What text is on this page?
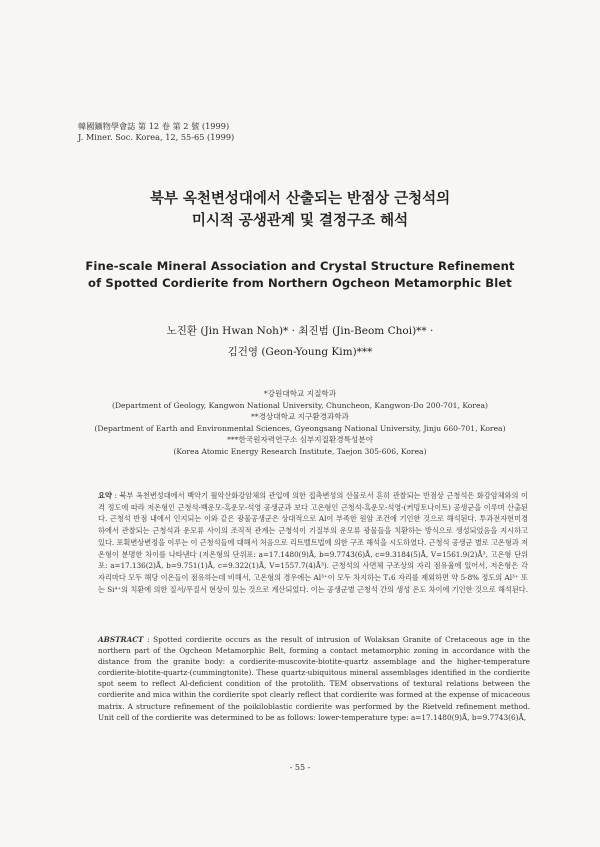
韓國鑛物學會誌 第 12 卷 第 2 號 (1999)

J. Miner. Soc. Korea, 12, 55-65 (1999)

북부 옥천변성대에서 산출되는 반점상 근청석의

미시적 공생관계 및 결정구조 해석

Fine-scale Mineral Association and Crystal Structure Refinement

of Spotted Cordierite from Northern Ogcheon Metamorphic Blet

노진환 (Jin Hwan Noh)* · 최진범 (Jin-Beom Choi)** ·

김건영 (Geon-Young Kim)***

*강원대학교 지질학과

(Department of Geology, Kangwon National University, Chuncheon, Kangwon-Do 200-701, Korea)

**경상대학교 지구환경과학과

(Department of Earth and Environmental Sciences, Gyeongsang National University, Jinju 660-701, Korea)

***한국원자력연구소 심부지질환경특성분야

(Korea Atomic Energy Research Institute, Taejon 305-606, Korea)

요약 : 북부 옥천변성대에서 백악기 월악산화강암체의 관입에 의한 접촉변성의 산물로서 흔히 관찰되는 반점상 근청석은 화강암체와의 이격 정도에 따라 저온형인 근청석-백운모-흑운모-석영 공생군과 보다 고온형인 근청석-흑운모-석영-(커밍토나이트) 공생군을 이루며 산출된다. 근청석 반점 내에서 인지되는 이와 같은 광물공생군은 상대적으로 Al이 부족한 원암 조건에 기인한 것으로 해석된다. 투과전자현미경 하에서 관찰되는 근청석과 운모류 사이의 조직적 관계는 근청석이 기질부의 운모류 광물들을 치환하는 방식으로 생성되었음을 지시하고 있다. 포획변상변정을 이루는 이 근청석들에 대해서 처음으로 리트벨트법에 의한 구조 해석을 시도하였다. 근청석 공생군 별로 고온형과 저온형이 분명한 차이를 나타낸다 (저온형의 단위포: a=17.1480(9)Å, b=9.7743(6)Å, c=9.3184(5)Å, V=1561.9(2)Å³, 고온형 단위포: a=17.136(2)Å, b=9.751(1)Å, c=9.322(1)Å, V=1557.7(4)Å³). 근청석의 사면체 구조상의 자리 점유율에 있어서, 저온형은 각 자리마다 모두 해당 이온들이 점유하는데 비해서, 고온형의 경우에는 Al³⁺이 모두 차지하는 T₁6 자리를 제외하면 약 5-8% 정도의 Al³⁺ 또는 Si⁴⁺의 치환에 의한 질서/무질서 현상이 있는 것으로 계산되었다. 이는 공생군별 근청석 간의 생성 온도 차이에 기인한 것으로 해석된다.
ABSTRACT : Spotted cordierite occurs as the result of intrusion of Wolaksan Granite of Cretaceous age in the northern part of the Ogcheon Metamorphic Belt, forming a contact metamorphic zoning in accordance with the distance from the granite body: a cordierite-muscovite-biotite-quartz assemblage and the higher-temperature cordierite-biotite-quartz-(cummingtonite). These quartz-ubiquitous mineral assemblages identified in the cordierite spot seem to reflect Al-deficient condition of the protolith. TEM observations of textural relations between the cordierite and mica within the cordierite spot clearly reflect that cordierite was formed at the expense of micaceous matrix. A structure refinement of the poikiloblastic cordierite was performed by the Rietveld refinement method. Unit cell of the cordierite was determined to be as follows: lower-temperature type: a=17.1480(9)Å, b=9.7743(6)Å,
- 55 -
